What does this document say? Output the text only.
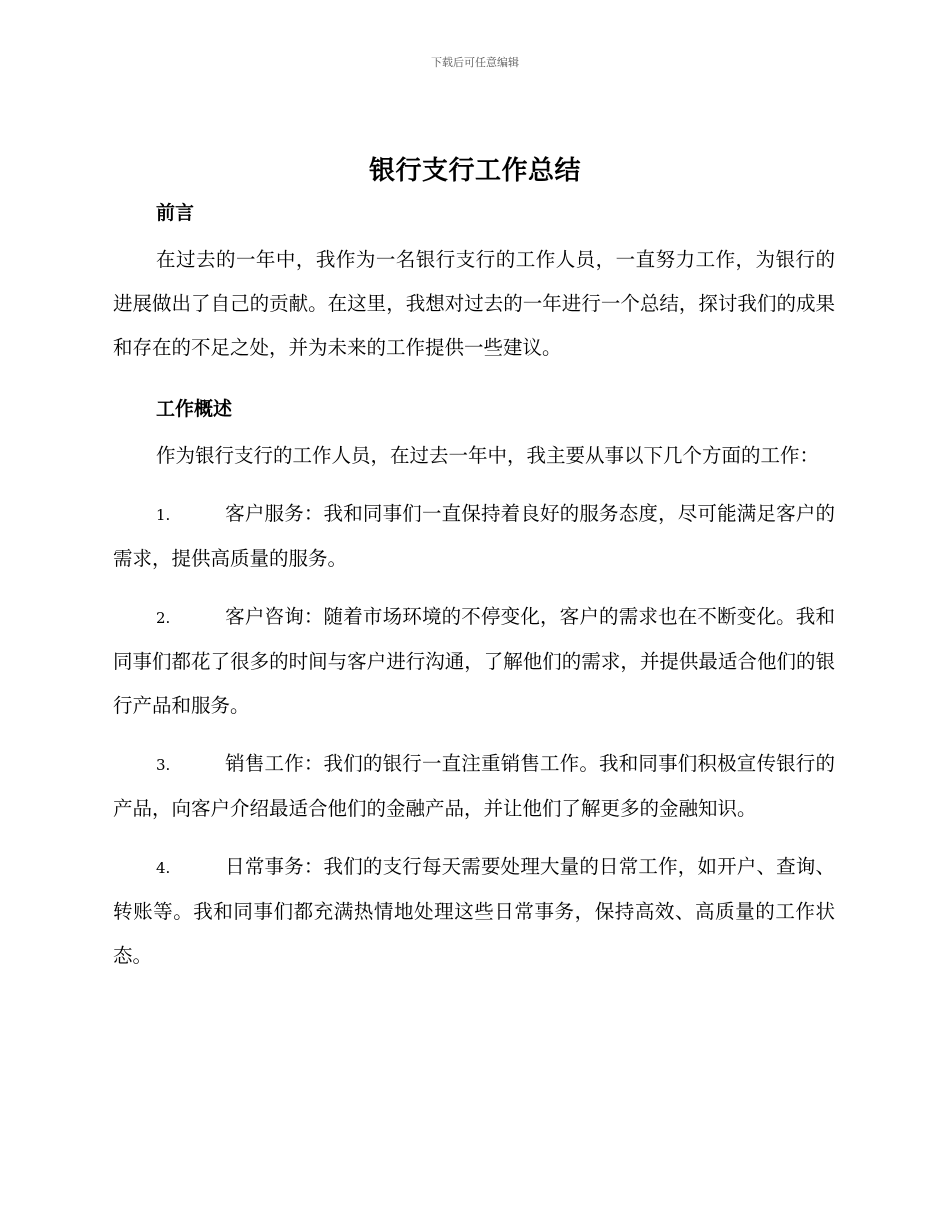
下载后可任意编辑
银行支行工作总结

前言

在过去的一年中，我作为一名银行支行的工作人员，一直努力工作，为银行的进展做出了自己的贡献。在这里，我想对过去的一年进行一个总结，探讨我们的成果和存在的不足之处，并为未来的工作提供一些建议。

工作概述

作为银行支行的工作人员，在过去一年中，我主要从事以下几个方面的工作：

1.	客户服务：我和同事们一直保持着良好的服务态度，尽可能满足客户的需求，提供高质量的服务。

2.	客户咨询：随着市场环境的不停变化，客户的需求也在不断变化。我和同事们都花了很多的时间与客户进行沟通，了解他们的需求，并提供最适合他们的银行产品和服务。

3.	销售工作：我们的银行一直注重销售工作。我和同事们积极宣传银行的产品，向客户介绍最适合他们的金融产品，并让他们了解更多的金融知识。

4.	日常事务：我们的支行每天需要处理大量的日常工作，如开户、查询、转账等。我和同事们都充满热情地处理这些日常事务，保持高效、高质量的工作状态。
